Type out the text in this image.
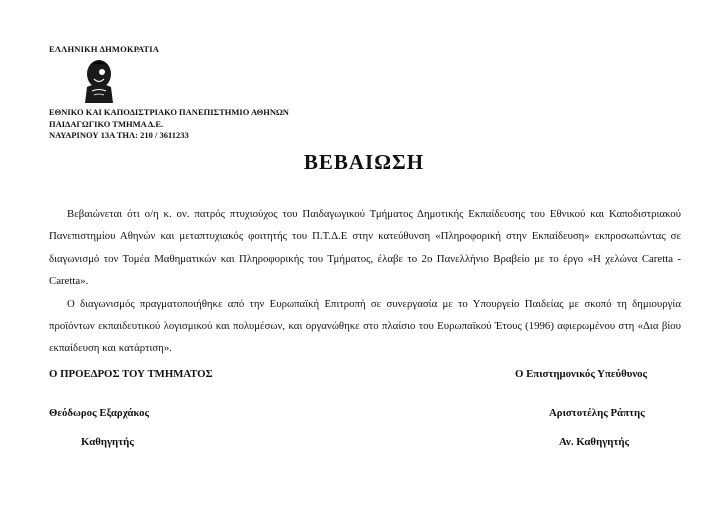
ΕΛΛΗΝΙΚΗ ΔΗΜΟΚΡΑΤΙΑ
ΕΘΝΙΚΟ ΚΑΙ ΚΑΠΟΔΙΣΤΡΙΑΚΟ ΠΑΝΕΠΙΣΤΗΜΙΟ ΑΘΗΝΩΝ
ΠΑΙΔΑΓΩΓΙΚΟ ΤΜΗΜΑ Δ.Ε.
ΝΑΥΑΡΙΝΟΥ 13Α ΤΗΛ: 210 / 3611233
ΒΕΒΑΙΩΣΗ

Βεβαιώνεται ότι ο/η κ. ον. πατρός πτυχιούχος του Παιδαγωγικού Τμήματος Δημοτικής Εκπαίδευσης του Εθνικού και Καποδιστριακού Πανεπιστημίου Αθηνών και μεταπτυχιακός φοιτητής του Π.Τ.Δ.Ε στην κατεύθυνση «Πληροφορική στην Εκπαίδευση» εκπροσωπώντας σε διαγωνισμό τον Τομέα Μαθηματικών και Πληροφορικής του Τμήματος, έλαβε το 2ο Πανελλήνιο Βραβείο με το έργο «Η χελώνα Caretta - Caretta».

Ο διαγωνισμός πραγματοποιήθηκε από την Ευρωπαϊκή Επιτροπή σε συνεργασία με το Υπουργείο Παιδείας με σκοπό τη δημιουργία προϊόντων εκπαιδευτικού λογισμικού και πολυμέσων, και οργανώθηκε στο πλαίσιο του Ευρωπαϊκού Έτους (1996) αφιερωμένου στη «Δια βίου εκπαίδευση και κατάρτιση».

Ο ΠΡΟΕΔΡΟΣ ΤΟΥ ΤΜΗΜΑΤΟΣ
Θεόδωρος Εξαρχάκος
Καθηγητής
Ο Επιστημονικός Υπεύθυνος
Αριστοτέλης Ράπτης
Αν. Καθηγητής
